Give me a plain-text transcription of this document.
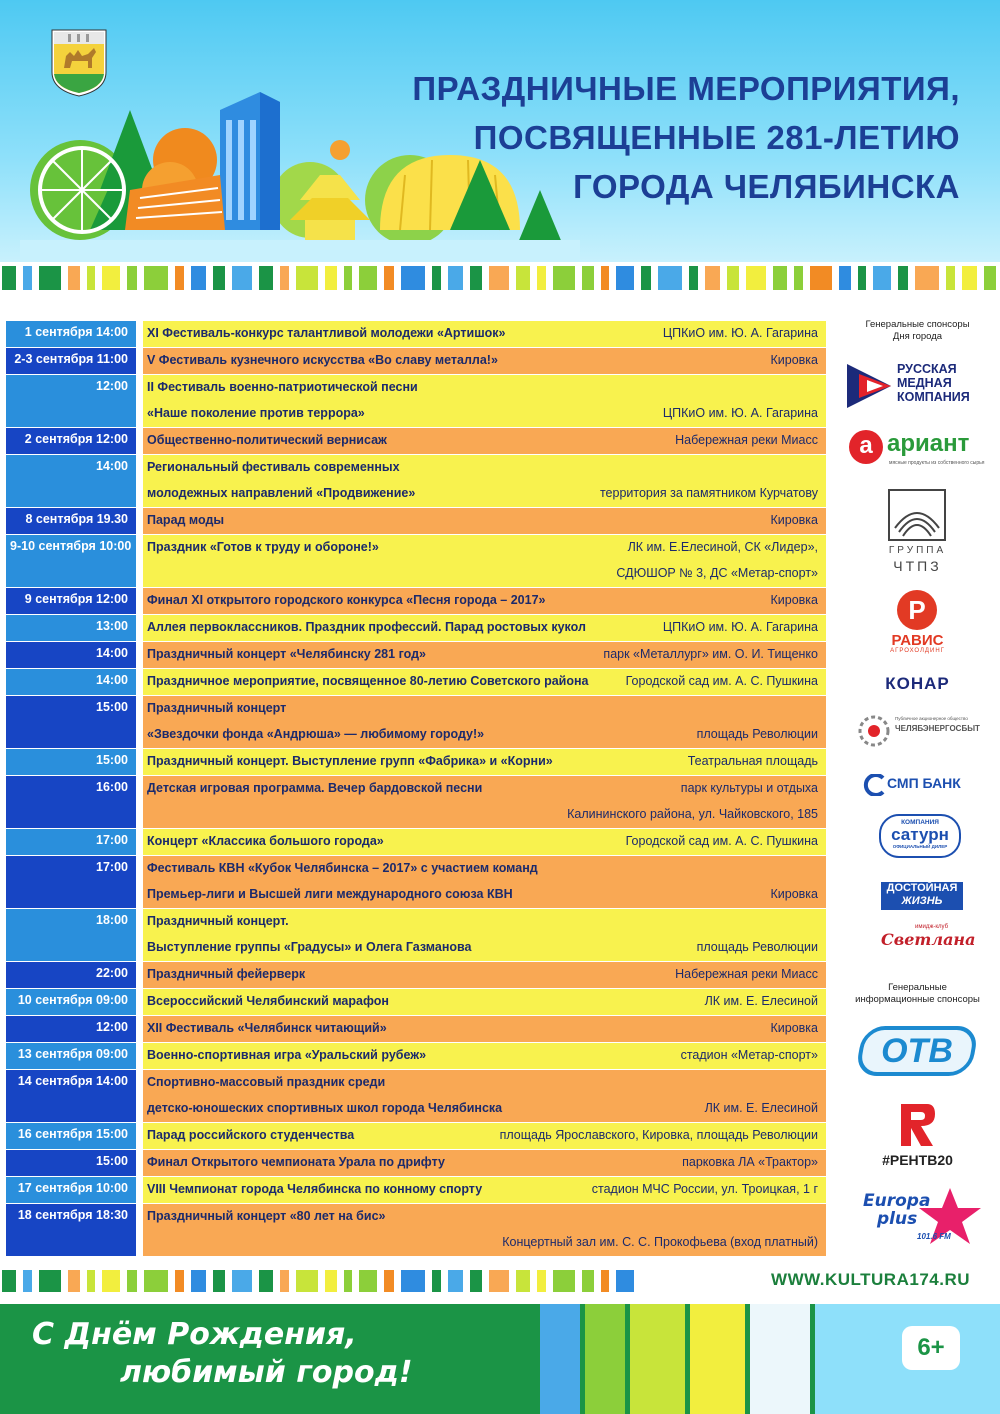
ПРАЗДНИЧНЫЕ МЕРОПРИЯТИЯ,
ПОСВЯЩЕННЫЕ 281-ЛЕТИЮ
ГОРОДА ЧЕЛЯБИНСКА
1 сентября 14:00	XI Фестиваль-конкурс талантливой молодежи «Артишок»	ЦПКиО им. Ю. А. Гагарина
2-3 сентября 11:00	V Фестиваль кузнечного искусства «Во славу металла!»	Кировка
12:00	II Фестиваль военно-патриотической песни
«Наше поколение против террора»	ЦПКиО им. Ю. А. Гагарина
2 сентября 12:00	Общественно-политический вернисаж	Набережная реки Миасс
14:00	Региональный фестиваль современных
молодежных направлений «Продвижение»	территория за памятником Курчатову
8 сентября 19.30	Парад моды	Кировка
9-10 сентября 10:00	Праздник «Готов к труду и обороне!»	ЛК им. Е.Елесиной, СК «Лидер»,
СДЮШОР № 3, ДС «Метар-спорт»
9 сентября 12:00	Финал XI открытого городского конкурса «Песня города – 2017»	Кировка
13:00	Аллея первоклассников. Праздник профессий. Парад ростовых кукол	ЦПКиО им. Ю. А. Гагарина
14:00	Праздничный концерт «Челябинску 281 год»	парк «Металлург» им. О. И. Тищенко
14:00	Праздничное мероприятие, посвященное 80-летию Советского района	Городской сад им. А. С. Пушкина
15:00	Праздничный концерт
«Звездочки фонда «Андрюша» — любимому городу!»	площадь Революции
15:00	Праздничный концерт. Выступление групп «Фабрика» и «Корни»	Театральная площадь
16:00	Детская игровая программа. Вечер бардовской песни	парк культуры и отдыха
Калининского района, ул. Чайковского, 185
17:00	Концерт «Классика большого города»	Городской сад им. А. С. Пушкина
17:00	Фестиваль КВН «Кубок Челябинска – 2017» с участием команд
Премьер-лиги и Высшей лиги международного союза КВН	Кировка
18:00	Праздничный концерт.
Выступление группы «Градусы» и Олега Газманова	площадь Революции
22:00	Праздничный фейерверк	Набережная реки Миасс
10 сентября 09:00	Всероссийский Челябинский марафон	ЛК им. Е. Елесиной
12:00	XII Фестиваль «Челябинск читающий»	Кировка
13 сентября 09:00	Военно-спортивная игра «Уральский рубеж»	стадион «Метар-спорт»
14 сентября 14:00	Спортивно-массовый праздник среди
детско-юношеских спортивных школ города Челябинска	ЛК им. Е. Елесиной
16 сентября 15:00	Парад российского студенчества	площадь Ярославского, Кировка, площадь Революции
15:00	Финал Открытого чемпионата Урала по дрифту	парковка ЛА «Трактор»
17 сентября 10:00	VIII Чемпионат города Челябинска по конному спорту	стадион МЧС России, ул. Троицкая, 1 г
18 сентября 18:30	Праздничный концерт «80 лет на бис»
Концертный зал им. С. С. Прокофьева (вход платный)
Генеральные спонсоры
Дня города
РУССКАЯ
МЕДНАЯ
КОМПАНИЯ
а ариант
мясные продукты из собственного сырья
ГРУППА
ЧТПЗ
Р
РАВИС
АГРОХОЛДИНГ
КОНАР
Публичное акционерное общество
ЧЕЛЯБЭНЕРГОСБЫТ
СМП БАНК
КОМПАНИЯ
сатурн
ОФИЦИАЛЬНЫЙ ДИЛЕР
ДОСТОЙНАЯ
ЖИЗНЬ
имидж-клуб
Светлана
Генеральные
информационные спонсоры
ОТВ
#РЕНТВ20
Europa
plus
101.6 FM
WWW.KULTURA174.RU
С Днём Рождения,
любимый город!
6+
